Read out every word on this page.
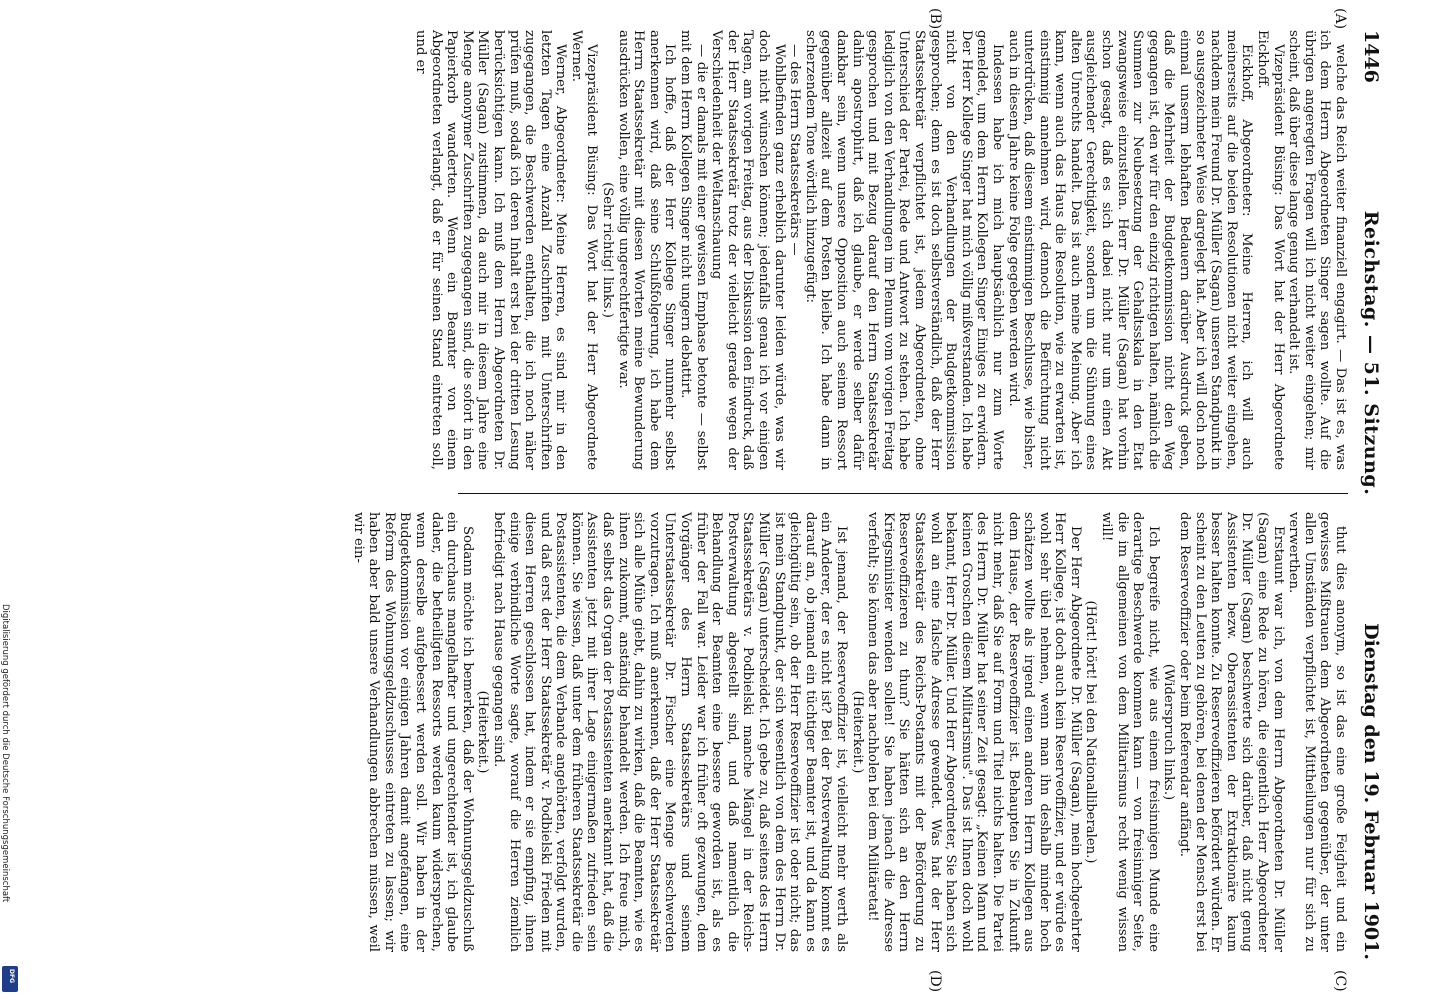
1446
Reichstag. — 51. Sitzung.
Dienstag den 19. Februar 1901.
(A)
(B)
(C)
(D)

welche das Reich weiter finanziell engagirt. — Das ist es, was ich dem Herrn Abgeordneten Singer sagen wollte. Auf die übrigen angeregten Fragen will ich nicht weiter eingehen; mir scheint, daß über diese lange genug verhandelt ist.

Vizepräsident Büsing: Das Wort hat der Herr Abgeordnete Eickhoff.

Eickhoff, Abgeordneter: Meine Herren, ich will auch meinerseits auf die beiden Resolutionen nicht weiter eingehen, nachdem mein Freund Dr. Müller (Sagan) unseren Standpunkt in so ausgezeichneter Weise dargelegt hat. Aber ich will doch noch einmal unserm lebhaften Bedauern darüber Ausdruck geben, daß die Mehrheit der Budgetkommission nicht den Weg gegangen ist, den wir für den einzig richtigen halten, nämlich die Summen zur Neubesetzung der Gehaltsskala in den Etat zwangsweise einzustellen. Herr Dr. Müller (Sagan) hat vorhin schon gesagt, daß es sich dabei nicht nur um einen Akt ausgleichender Gerechtigkeit, sondern um die Sühnung eines alten Unrechts handelt. Das ist auch meine Meinung. Aber ich kann, wenn auch das Haus die Resolution, wie zu erwarten ist, einstimmig annehmen wird, dennoch die Befürchtung nicht unterdrücken, daß diesem einstimmigen Beschlusse, wie bisher, auch in diesem Jahre keine Folge gegeben werden wird.

Indessen habe ich mich hauptsächlich nur zum Worte gemeldet, um dem Herrn Kollegen Singer Einiges zu erwidern. Der Herr Kollege Singer hat mich völlig mißverstanden. Ich habe nicht von den Verhandlungen der Budgetkommission gesprochen; denn es ist doch selbstverständlich, daß der Herr Staatssekretär verpflichtet ist, jedem Abgeordneten, ohne Unterschied der Partei, Rede und Antwort zu stehen. Ich habe lediglich von den Verhandlungen im Plenum vom vorigen Freitag gesprochen und mit Bezug darauf den Herrn Staatssekretär dahin apostrophirt, daß ich glaube, er werde selber dafür dankbar sein, wenn unsere Opposition auch seinem Ressort gegenüber allezeit auf dem Posten bleibe. Ich habe dann in scherzendem Tone wörtlich hinzugefügt:

— des Herrn Staatssekretärs —

Wohlbefinden ganz erheblich darunter leiden würde, was wir doch nicht wünschen können; jedenfalls genau ich vor einigen Tagen, am vorigen Freitag, aus der Diskussion den Eindruck, daß der Herr Staatssekretär trotz der vielleicht gerade wegen der Verschiedenheit der Weltanschauung

— die er damals mit einer gewissen Emphase betonte — selbst mit dem Herrn Kollegen Singer nicht ungern debattirt.

Ich hoffe, daß der Herr Kollege Singer nunmehr selbst anerkennen wird, daß seine Schlußfolgerung, ich habe dem Herrn Staatssekretär mit diesen Worten meine Bewunderung ausdrücken wollen, eine völlig ungerechtfertigte war.

(Sehr richtig! links.)

Vizepräsident Büsing: Das Wort hat der Herr Abgeordnete Werner.

Werner, Abgeordneter: Meine Herren, es sind mir in den letzten Tagen eine Anzahl Zuschriften mit Unterschriften zugegangen, die Beschwerden enthalten, die ich noch näher prüfen muß, sodaß ich deren Inhalt erst bei der dritten Lesung berücksichtigen kann. Ich muß dem Herrn Abgeordneten Dr. Müller (Sagan) zustimmen, da auch mir in diesem Jahre eine Menge anonymer Zuschriften zugegangen sind, die sofort in den Papierkorb wanderten. Wenn ein Beamter von einem Abgeordneten verlangt, daß er für seinen Stand eintreten soll, und er

thut dies anonym, so ist das eine große Feigheit und ein gewisses Mißtrauen dem Abgeordneten gegenüber, der unter allen Umständen verpflichtet ist, Mittheilungen nur für sich zu verwerthen.

Erstaunt war ich, von dem Herrn Abgeordneten Dr. Müller (Sagan) eine Rede zu hören, die eigentlich Herr Abgeordneter Dr. Müller (Sagan) beschwerte sich darüber, daß nicht genug Assistenten bezw. Oberassistenten der Extraktionäre kaum besser halten konnte. Zu Reserveoffizieren befördert würden. Er scheint zu den Leuten zu gehören, bei denen der Mensch erst bei dem Reserveoffizier oder beim Referendar anfängt.

(Widerspruch links.)

Ich begreife nicht, wie aus einem freisinnigen Munde eine derartige Beschwerde kommen kann — von freisinniger Seite, die im allgemeinen von dem Militarismus recht wenig wissen will!

(Hört! hört! bei den Nationalliberalen.)

Der Herr Abgeordnete Dr. Müller (Sagan), mein hochgeehrter Herr Kollege, ist doch auch kein Reserveoffizier, und er würde es wohl sehr übel nehmen, wenn man ihn deshalb minder hoch schätzen wollte als irgend einen anderen Herrn Kollegen aus dem Hause, der Reserveoffizier ist. Behaupten Sie in Zukunft nicht mehr, daß Sie auf Form und Titel nichts halten. Die Partei des Herrn Dr. Müller hat seiner Zeit gesagt: „Keinen Mann und keinen Groschen diesem Militarismus". Das ist Ihnen doch wohl bekannt, Herr Dr. Müller. Und Herr Abgeordneter, Sie haben sich wohl an eine falsche Adresse gewendet. Was hat der Herr Staatssekretär des Reichs-Postamts mit der Beförderung zu Reserveoffizieren zu thun? Sie hätten sich an den Herrn Kriegsminister wenden sollen! Sie haben jenach die Adresse verfehlt; Sie können das aber nachholen bei dem Militäretat!

(Heiterkeit.)

Ist jemand, der Reserveoffizier ist, vielleicht mehr werth als ein Anderer, der es nicht ist? Bei der Postverwaltung kommt es darauf an, ob jemand ein tüchtiger Beamter ist, und da kann es gleichgültig sein, ob der Herr Reserveoffizier ist oder nicht; das ist mein Standpunkt, der sich wesentlich von dem des Herrn Dr. Müller (Sagan) unterscheidet. Ich gebe zu, daß seitens des Herrn Staatssekretärs v. Podbielski manche Mängel in der Reichs-Postverwaltung abgestellt sind, und daß namentlich die Behandlung der Beamten eine bessere geworden ist, als es früher der Fall war. Leider war ich früher oft gezwungen, dem Vorgänger des Herrn Staatssekretärs und seinem Unterstaatssekretär Dr. Fischer eine Menge Beschwerden vorzutragen. Ich muß anerkennen, daß der Herr Staatssekretär sich alle Mühe giebt, dahin zu wirken, daß die Beamten, wie es ihnen zukommt, anständig behandelt werden. Ich freue mich, daß selbst das Organ der Postassistenten anerkannt hat, daß die Assistenten jetzt mit ihrer Lage einigermaßen zufrieden sein können. Sie wissen, daß unter dem früheren Staatssekretär die Postassistenten, die dem Verbande angehörten, verfolgt wurden, und daß erst der Herr Staatssekretär v. Podbielski Frieden mit diesen Herren geschlossen hat, indem er sie empfing, ihnen einige verbindliche Worte sagte, worauf die Herren ziemlich befriedigt nach Hause gegangen sind.

(Heiterkeit.)

Sodann möchte ich bemerken, daß der Wohnungsgeldzuschuß ein durchaus mangelhafter und ungerechtender ist, ich glaube daher, die betheiligten Ressorts werden kaum widersprechen, wenn derselbe aufgebessert werden soll. Wir haben in der Budgetkommission vor einigen Jahren damit angefangen, eine Reform des Wohnungsgeldzuschusses eintreten zu lassen; wir haben aber bald unsere Verhandlungen abbrechen müssen, weil wir ein-

Digitalisierung gefördert durch die Deutsche Forschungsgemeinschaft
DFG
